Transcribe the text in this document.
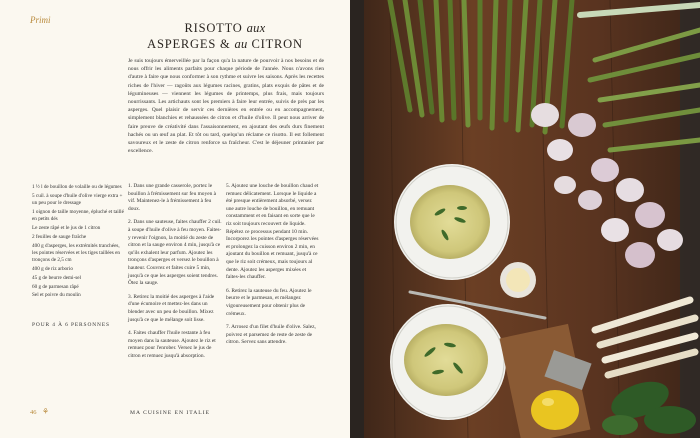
Primi
RISOTTO aux
ASPERGES & au CITRON
Je suis toujours émerveillée par la façon qu'a la nature de pourvoir à nos besoins et de nous offrir les aliments parfaits pour chaque période de l'année. Nous n'avons rien d'autre à faire que nous conformer à son rythme et suivre les saisons. Après les recettes riches de l'hiver — ragoûts aux légumes racines, gratins, plats exquis de pâtes et de légumineuses — viennent les légumes de printemps, plus frais, mais toujours nourrissants. Les artichauts sont les premiers à faire leur entrée, suivis de près par les asperges. Quel plaisir de servir ces dernières en entrée ou en accompagnement, simplement blanchies et rehaussées de citron et d'huile d'olive. Il peut nous arriver de faire preuve de créativité dans l'assaisonnement, en ajoutant des œufs durs finement hachés ou un œuf au plat. Et tôt ou tard, quelqu'un réclame ce risotto. Il est follement savoureux et le zeste de citron renforce sa fraîcheur. C'est le déjeuner printanier par excellence.
1 ½ l de bouillon de volaille ou de légumes
5 cuil. à soupe d'huile d'olive vierge extra + un peu pour le dressage
1 oignon de taille moyenne, épluché et taillé en petits dés
Le zeste râpé et le jus de 1 citron
2 feuilles de sauge fraîche
400 g d'asperges, les extrémités tranchées, les pointes réservées et les tiges taillées en tronçons de 2,5 cm
400 g de riz arborio
45 g de beurre demi-sel
60 g de parmesan râpé
Sel et poivre du moulin
POUR 4 À 6 PERSONNES
1. Dans une grande casserole, portez le bouillon à frémissement sur feu moyen à vif. Maintenez-le à frémissement à feu doux.
2. Dans une sauteuse, faites chauffer 2 cuil. à soupe d'huile d'olive à feu moyen. Faites-y revenir l'oignon, la moitié du zeste de citron et la sauge environ 4 min, jusqu'à ce qu'ils exhalent leur parfum. Ajoutez les tronçons d'asperges et versez le bouillon à hauteur. Couvrez et faites cuire 5 min, jusqu'à ce que les asperges soient tendres. Ôtez la sauge.
3. Retirez la moitié des asperges à l'aide d'une écumoire et mettez-les dans un blender avec un peu de bouillon. Mixez jusqu'à ce que le mélange soit lisse.
4. Faites chauffer l'huile restante à feu moyen dans la sauteuse. Ajoutez le riz et remuez pour l'enrober. Versez le jus de citron et remuez jusqu'à absorption.
5. Ajoutez une louche de bouillon chaud et remuez délicatement. Lorsque le liquide a été presque entièrement absorbé, versez une autre louche de bouillon, en remuant constamment et en faisant en sorte que le riz soit toujours recouvert de liquide. Répétez ce processus pendant 10 min. Incorporez les pointes d'asperges réservées et prolongez la cuisson environ 2 min, en ajoutant du bouillon et remuant, jusqu'à ce que le riz soit crémeux, mais toujours al dente. Ajoutez les asperges mixées et faites-les chauffer.
6. Retirez la sauteuse du feu. Ajoutez le beurre et le parmesan, et mélangez vigoureusement pour obtenir plus de crémeux.
7. Arrosez d'un filet d'huile d'olive. Salez, poivrez et parsemez de reste de zeste de citron. Servez sans attendre.
46 ⚘	MA CUISINE EN ITALIE
